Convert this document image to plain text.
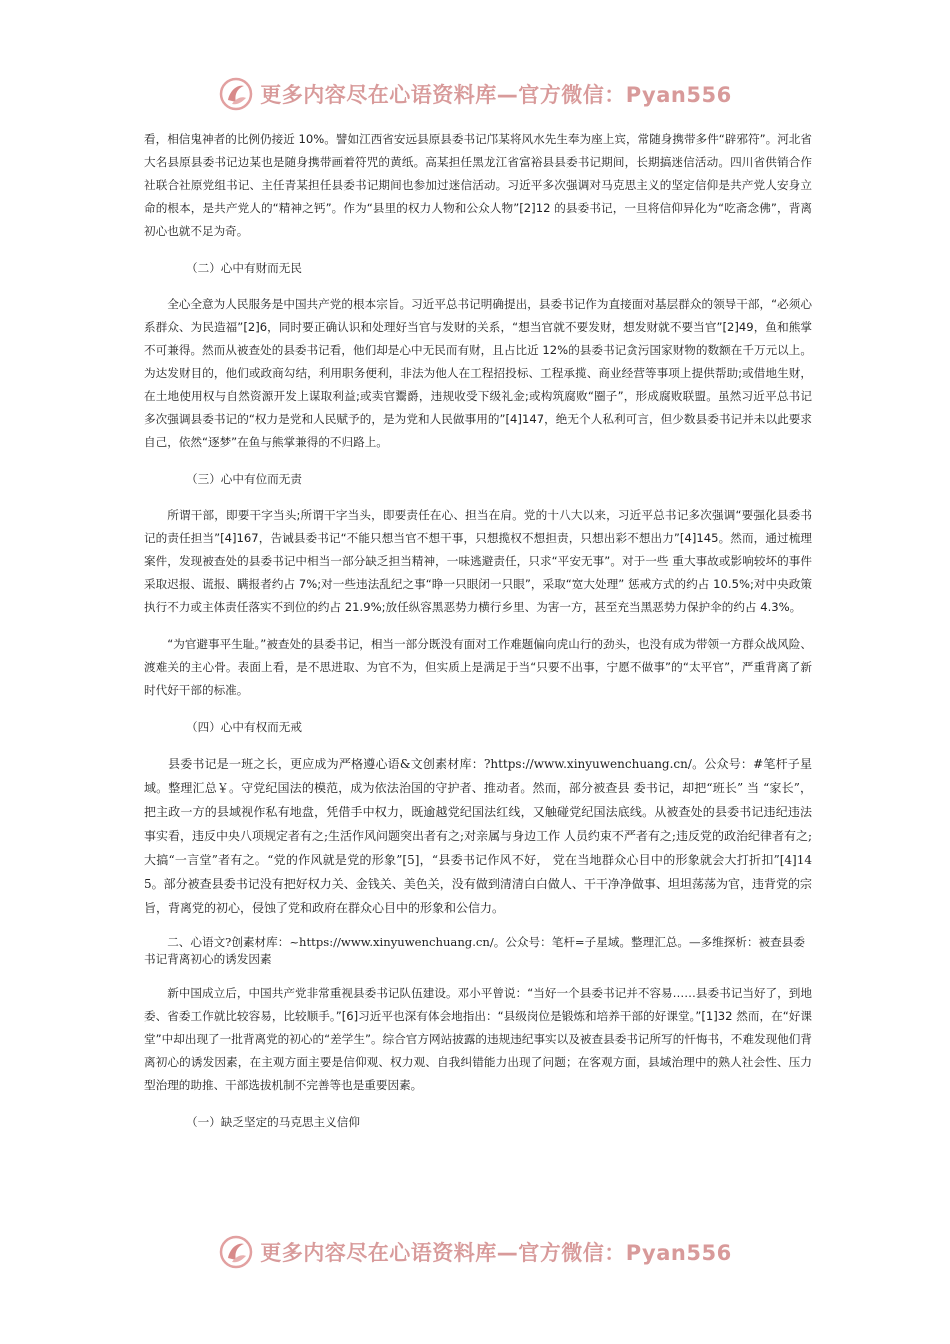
更多内容尽在心语资料库—官方微信：Pyan556

看，相信鬼神者的比例仍接近 10%。譬如江西省安远县原县委书记邝某将风水先生奉为座上宾，常随身携带多件“辟邪符”。河北省大名县原县委书记边某也是随身携带画着符咒的黄纸。高某担任黑龙江省富裕县县委书记期间，长期搞迷信活动。四川省供销合作社联合社原党组书记、主任青某担任县委书记期间也参加过迷信活动。习近平多次强调对马克思主义的坚定信仰是共产党人安身立命的根本，是共产党人的“精神之钙”。作为“县里的权力人物和公众人物”[2]12 的县委书记，一旦将信仰异化为“吃斋念佛”，背离初心也就不足为奇。

（二）心中有财而无民

全心全意为人民服务是中国共产党的根本宗旨。习近平总书记明确提出，县委书记作为直接面对基层群众的领导干部，“必须心系群众、为民造福”[2]6，同时要正确认识和处理好当官与发财的关系，“想当官就不要发财，想发财就不要当官”[2]49，鱼和熊掌不可兼得。然而从被查处的县委书记看，他们却是心中无民而有财，且占比近 12%的县委书记贪污国家财物的数额在千万元以上。为达发财目的，他们或政商勾结，利用职务便利，非法为他人在工程招投标、工程承揽、商业经营等事项上提供帮助;或借地生财，在土地使用权与自然资源开发上谋取利益;或卖官鬻爵，违规收受下级礼金;或构筑腐败“圈子”，形成腐败联盟。虽然习近平总书记多次强调县委书记的“权力是党和人民赋予的，是为党和人民做事用的”[4]147，绝无个人私利可言，但少数县委书记并未以此要求自己，依然“逐梦”在鱼与熊掌兼得的不归路上。

（三）心中有位而无责

所谓干部，即要干字当头;所谓干字当头，即要责任在心、担当在肩。党的十八大以来，习近平总书记多次强调“要强化县委书记的责任担当”[4]167，告诫县委书记“不能只想当官不想干事，只想揽权不想担责，只想出彩不想出力”[4]145。然而，通过梳理案件，发现被查处的县委书记中相当一部分缺乏担当精神，一味逃避责任，只求“平安无事”。对于一些 重大事故或影响较坏的事件采取迟报、谎报、瞒报者约占 7%;对一些违法乱纪之事“睁一只眼闭一只眼”，采取“宽大处理” 惩戒方式的约占 10.5%;对中央政策执行不力或主体责任落实不到位的约占 21.9%;放任纵容黑恶势力横行乡里、为害一方，甚至充当黑恶势力保护伞的约占 4.3%。

“为官避事平生耻。”被查处的县委书记，相当一部分既没有面对工作难题偏向虎山行的劲头，也没有成为带领一方群众战风险、渡难关的主心骨。表面上看，是不思进取、为官不为，但实质上是满足于当“只要不出事，宁愿不做事”的“太平官”，严重背离了新时代好干部的标准。

（四）心中有权而无戒

县委书记是一班之长，更应成为严格遵心语&文创素材库：?https://www.xinyuwenchuang.cn/。公众号：#笔杆子星域。整理汇总￥。守党纪国法的模范，成为依法治国的守护者、推动者。然而，部分被查县 委书记，却把“班长” 当 “家长”，把主政一方的县域视作私有地盘，凭借手中权力，既逾越党纪国法红线，又触碰党纪国法底线。从被查处的县委书记违纪违法事实看，违反中央八项规定者有之;生活作风问题突出者有之;对亲属与身边工作 人员约束不严者有之;违反党的政治纪律者有之;大搞“一言堂”者有之。“党的作风就是党的形象”[5]，“县委书记作风不好， 党在当地群众心目中的形象就会大打折扣”[4]145。部分被查县委书记没有把好权力关、金钱关、美色关，没有做到清清白白做人、干干净净做事、坦坦荡荡为官，违背党的宗旨，背离党的初心，侵蚀了党和政府在群众心目中的形象和公信力。

二、心语文?创素材库：~https://www.xinyuwenchuang.cn/。公众号：笔杆=子星域。整理汇总。—多维探析：被查县委书记背离初心的诱发因素

新中国成立后，中国共产党非常重视县委书记队伍建设。邓小平曾说：“当好一个县委书记并不容易……县委书记当好了，到地委、省委工作就比较容易，比较顺手。”[6]习近平也深有体会地指出：“县级岗位是锻炼和培养干部的好课堂。”[1]32 然而，在“好课堂”中却出现了一批背离党的初心的“差学生”。综合官方网站披露的违规违纪事实以及被查县委书记所写的忏悔书，不难发现他们背离初心的诱发因素，在主观方面主要是信仰观、权力观、自我纠错能力出现了问题；在客观方面，县域治理中的熟人社会性、压力型治理的助推、干部选拔机制不完善等也是重要因素。

（一）缺乏坚定的马克思主义信仰

更多内容尽在心语资料库—官方微信：Pyan556
